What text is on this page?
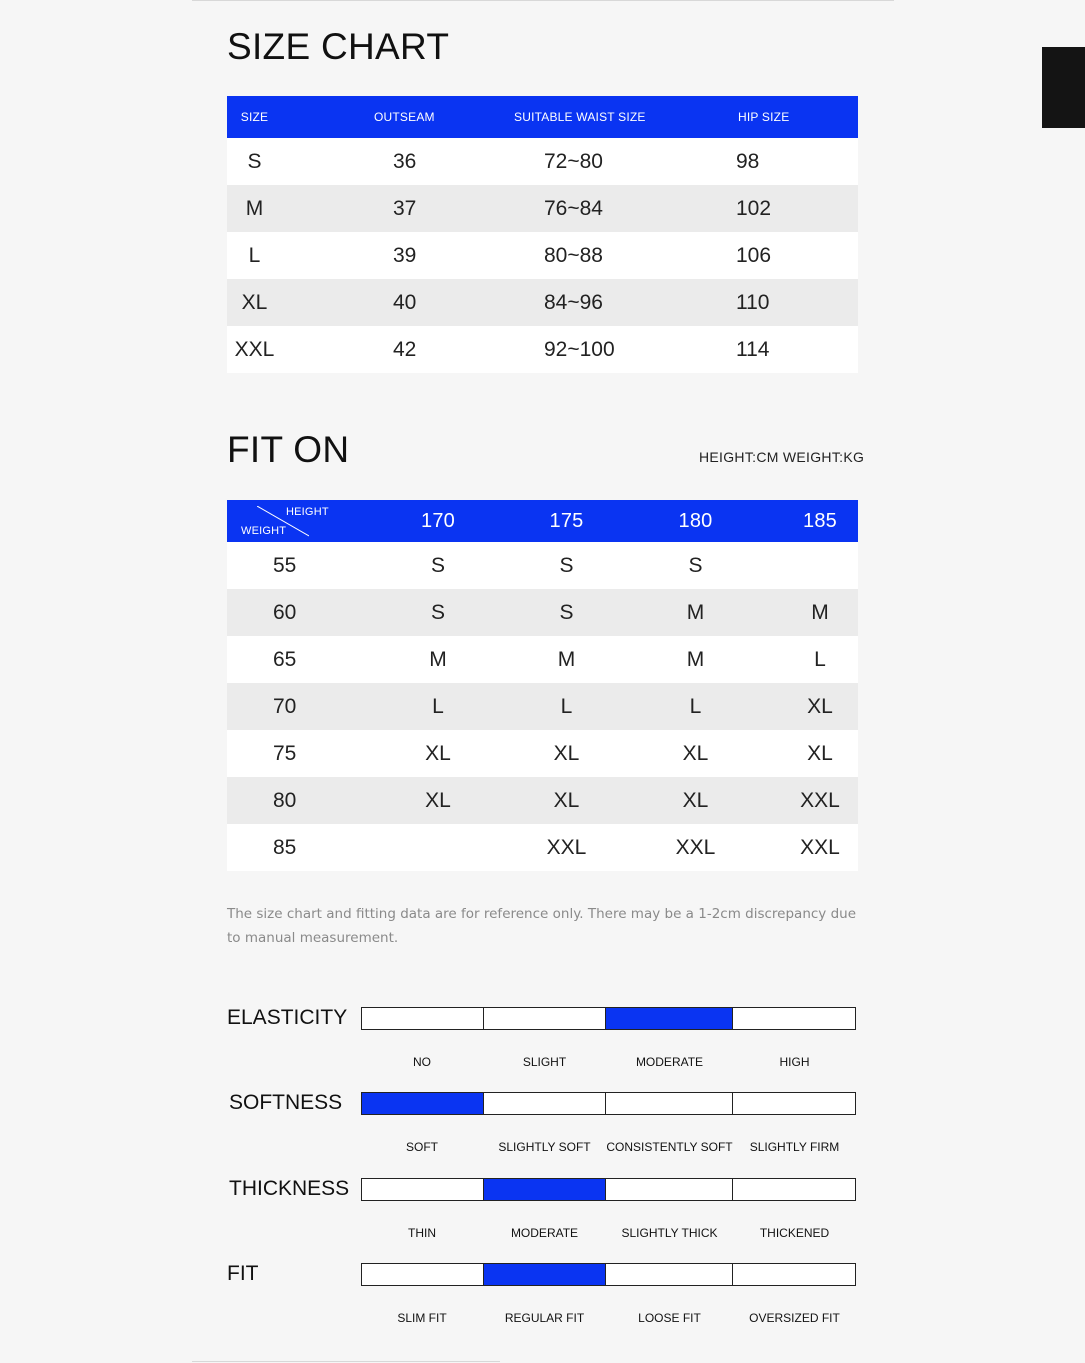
SIZE CHART
SIZE	OUTSEAM	SUITABLE WAIST SIZE	HIP SIZE
S	36	72~80	98
M	37	76~84	102
L	39	80~88	106
XL	40	84~96	110
XXL	42	92~100	114
FIT ON	HEIGHT:CM WEIGHT:KG
HEIGHT
WEIGHT	170	175	180	185
55	S	S	S	
60	S	S	M	M
65	M	M	M	L
70	L	L	L	XL
75	XL	XL	XL	XL
80	XL	XL	XL	XXL
85		XXL	XXL	XXL

The size chart and fitting data are for reference only. There may be a 1-2cm discrepancy due to manual measurement.

ELASTICITY
NO	SLIGHT	MODERATE	HIGH
SOFTNESS
SOFT	SLIGHTLY SOFT CONSISTENTLY SOFT SLIGHTLY FIRM
THICKNESS
THIN	MODERATE	SLIGHTLY THICK	THICKENED
FIT
SLIM FIT	REGULAR FIT	LOOSE FIT	OVERSIZED FIT
